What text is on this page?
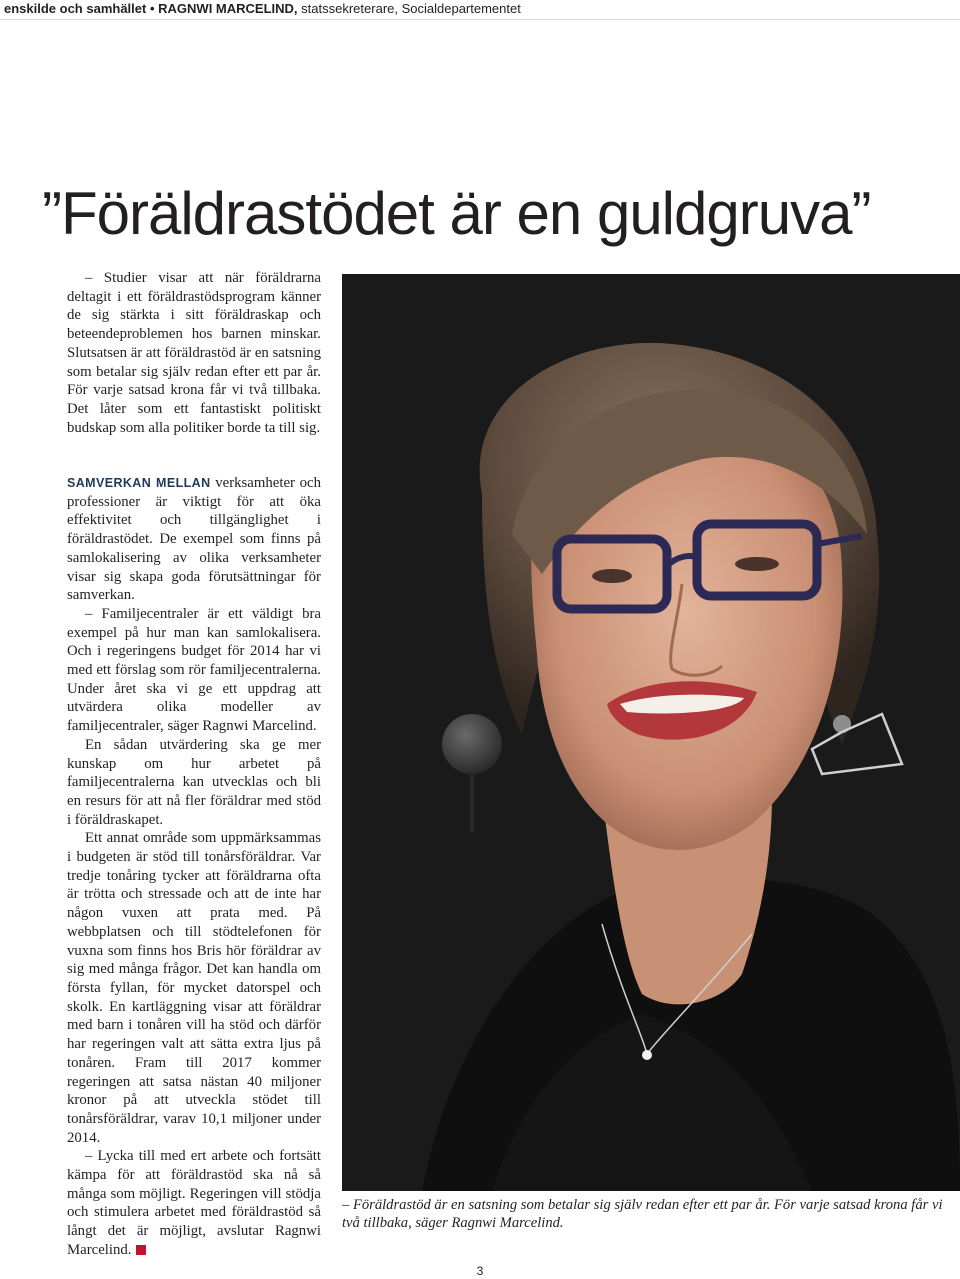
enskilde och samhället • RAGNWI MARCELIND, statssekreterare, Socialdepartementet
”Föräldrastödet är en guldgruva”

– Studier visar att när föräldrarna deltagit i ett föräldrastödsprogram känner de sig stärkta i sitt föräldraskap och beteendeproblemen hos barnen minskar. Slutsatsen är att föräldrastöd är en satsning som betalar sig själv redan efter ett par år. För varje satsad krona får vi två tillbaka. Det låter som ett fantastiskt politiskt budskap som alla politiker borde ta till sig.

SAMVERKAN MELLAN verksamheter och professioner är viktigt för att öka effektivitet och tillgänglighet i föräldrastödet. De exempel som finns på samlokalisering av olika verksamheter visar sig skapa goda förutsättningar för samverkan.

– Familjecentraler är ett väldigt bra exempel på hur man kan samlokalisera. Och i regeringens budget för 2014 har vi med ett förslag som rör familjecentralerna. Under året ska vi ge ett uppdrag att utvärdera olika modeller av familjecentraler, säger Ragnwi Marcelind.

En sådan utvärdering ska ge mer kunskap om hur arbetet på familjecentralerna kan utvecklas och bli en resurs för att nå fler föräldrar med stöd i föräldraskapet.

Ett annat område som uppmärksammas i budgeten är stöd till tonårsföräldrar. Var tredje tonåring tycker att föräldrarna ofta är trötta och stressade och att de inte har någon vuxen att prata med. På webbplatsen och till stödtelefonen för vuxna som finns hos Bris hör föräldrar av sig med många frågor. Det kan handla om första fyllan, för mycket datorspel och skolk. En kartläggning visar att föräldrar med barn i tonåren vill ha stöd och därför har regeringen valt att sätta extra ljus på tonåren. Fram till 2017 kommer regeringen att satsa nästan 40 miljoner kronor på att utveckla stödet till tonårsföräldrar, varav 10,1 miljoner under 2014.

– Lycka till med ert arbete och fortsätt kämpa för att föräldrastöd ska nå så många som möjligt. Regeringen vill stödja och stimulera arbetet med föräldrastöd så långt det är möjligt, avslutar Ragnwi Marcelind.

– Föräldrastöd är en satsning som betalar sig själv redan efter ett par år. För varje satsad krona får vi två tillbaka, säger Ragnwi Marcelind.
3
